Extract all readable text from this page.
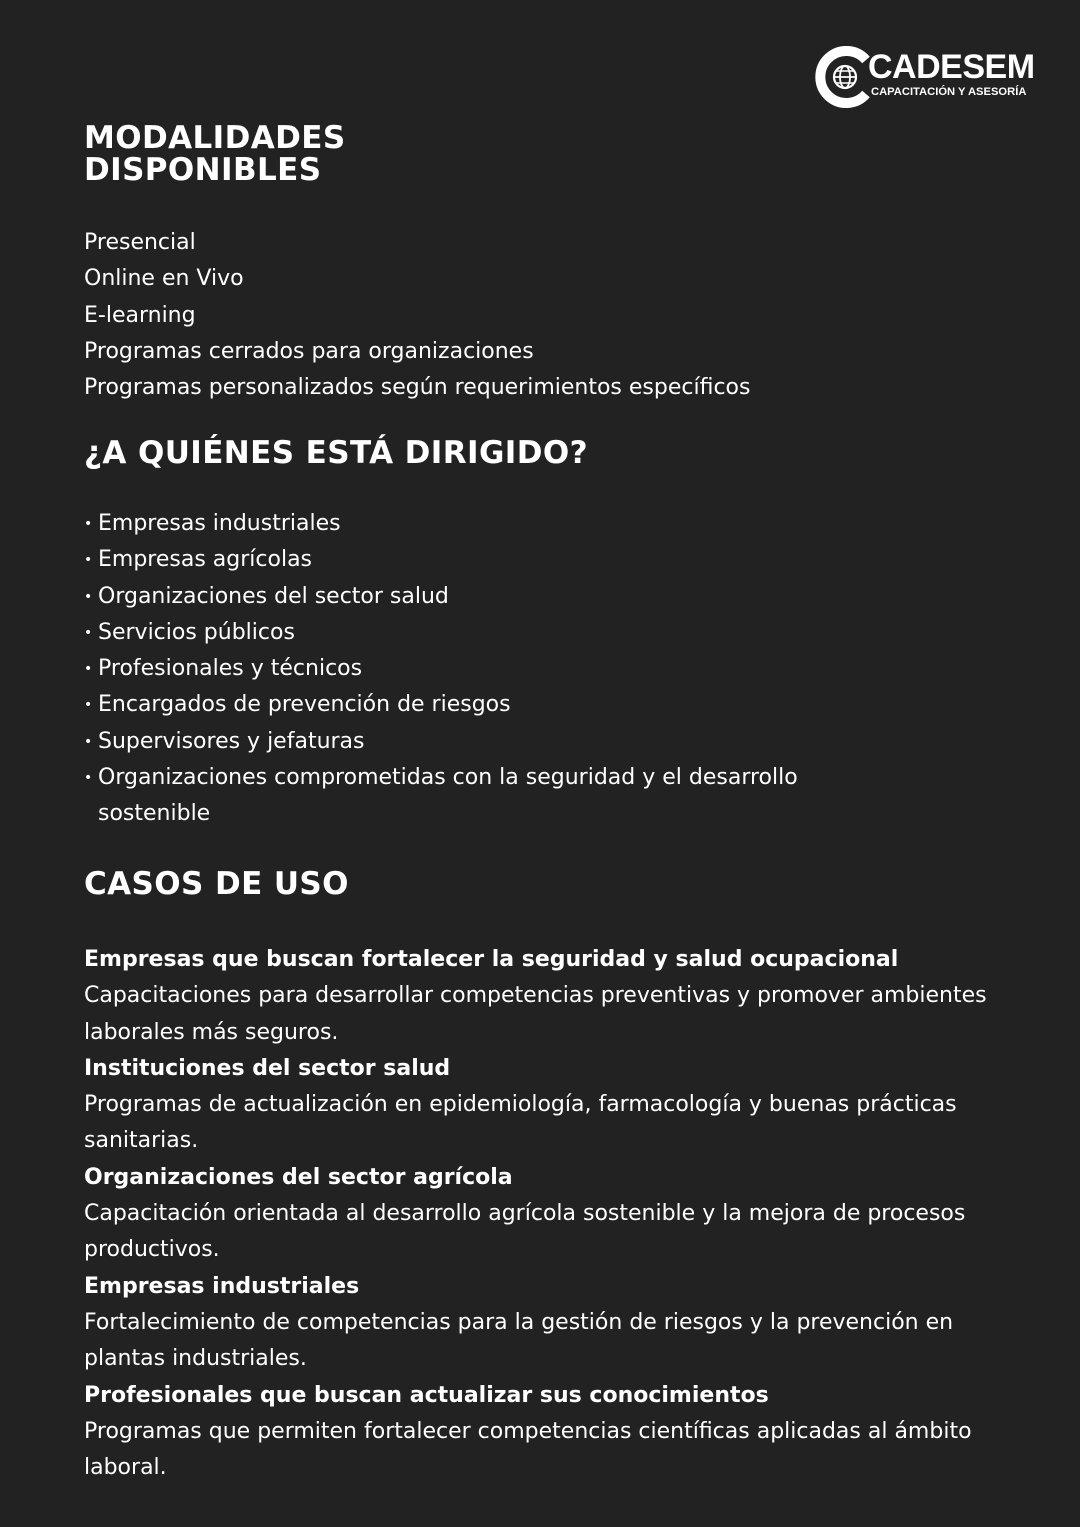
CADESEM
CAPACITACIÓN Y ASESORÍA
MODALIDADES DISPONIBLES
Presencial
Online en Vivo
E-learning
Programas cerrados para organizaciones
Programas personalizados según requerimientos específicos
¿A QUIÉNES ESTÁ DIRIGIDO?
• Empresas industriales
• Empresas agrícolas
• Organizaciones del sector salud
• Servicios públicos
• Profesionales y técnicos
• Encargados de prevención de riesgos
• Supervisores y jefaturas
• Organizaciones comprometidas con la seguridad y el desarrollo sostenible
CASOS DE USO
Empresas que buscan fortalecer la seguridad y salud ocupacional
Capacitaciones para desarrollar competencias preventivas y promover ambientes laborales más seguros.
Instituciones del sector salud
Programas de actualización en epidemiología, farmacología y buenas prácticas sanitarias.
Organizaciones del sector agrícola
Capacitación orientada al desarrollo agrícola sostenible y la mejora de procesos productivos.
Empresas industriales
Fortalecimiento de competencias para la gestión de riesgos y la prevención en plantas industriales.
Profesionales que buscan actualizar sus conocimientos
Programas que permiten fortalecer competencias científicas aplicadas al ámbito laboral.
